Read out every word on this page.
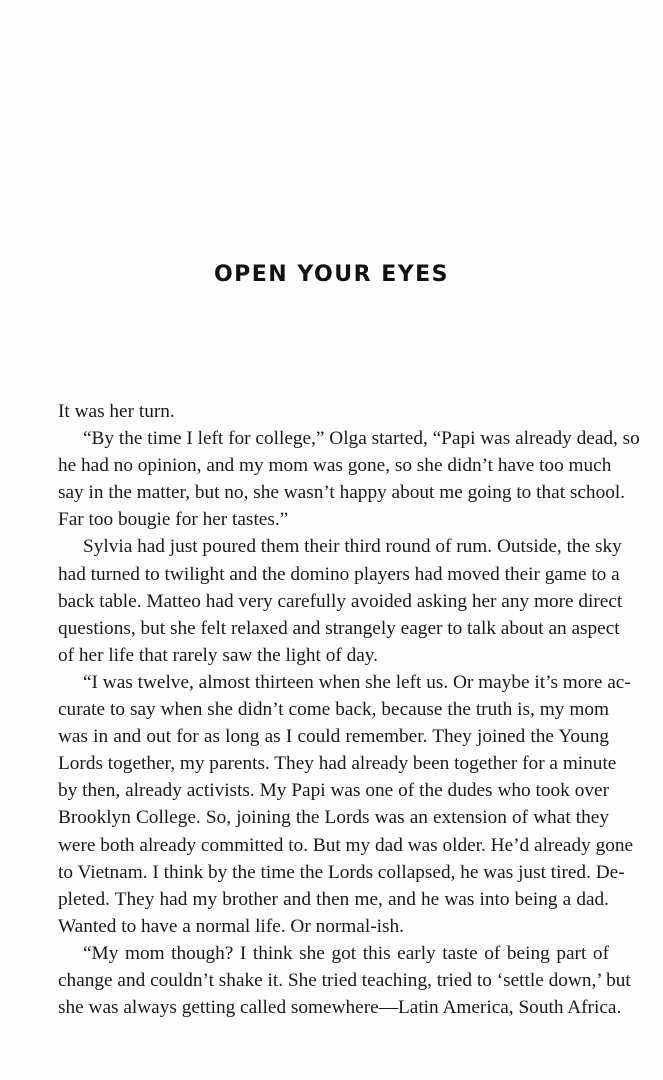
OPEN YOUR EYES
It was her turn.
“By the time I left for college,” Olga started, “Papi was already dead, so
he had no opinion, and my mom was gone, so she didn’t have too much
say in the matter, but no, she wasn’t happy about me going to that school.
Far too bougie for her tastes.”
Sylvia had just poured them their third round of rum. Outside, the sky
had turned to twilight and the domino players had moved their game to a
back table. Matteo had very carefully avoided asking her any more direct
questions, but she felt relaxed and strangely eager to talk about an aspect
of her life that rarely saw the light of day.
“I was twelve, almost thirteen when she left us. Or maybe it’s more ac-
curate to say when she didn’t come back, because the truth is, my mom
was in and out for as long as I could remember. They joined the Young
Lords together, my parents. They had already been together for a minute
by then, already activists. My Papi was one of the dudes who took over
Brooklyn College. So, joining the Lords was an extension of what they
were both already committed to. But my dad was older. He’d already gone
to Vietnam. I think by the time the Lords collapsed, he was just tired. De-
pleted. They had my brother and then me, and he was into being a dad.
Wanted to have a normal life. Or normal-ish.
“My mom though? I think she got this early taste of being part of
change and couldn’t shake it. She tried teaching, tried to ‘settle down,’ but
she was always getting called somewhere—Latin America, South Africa.
